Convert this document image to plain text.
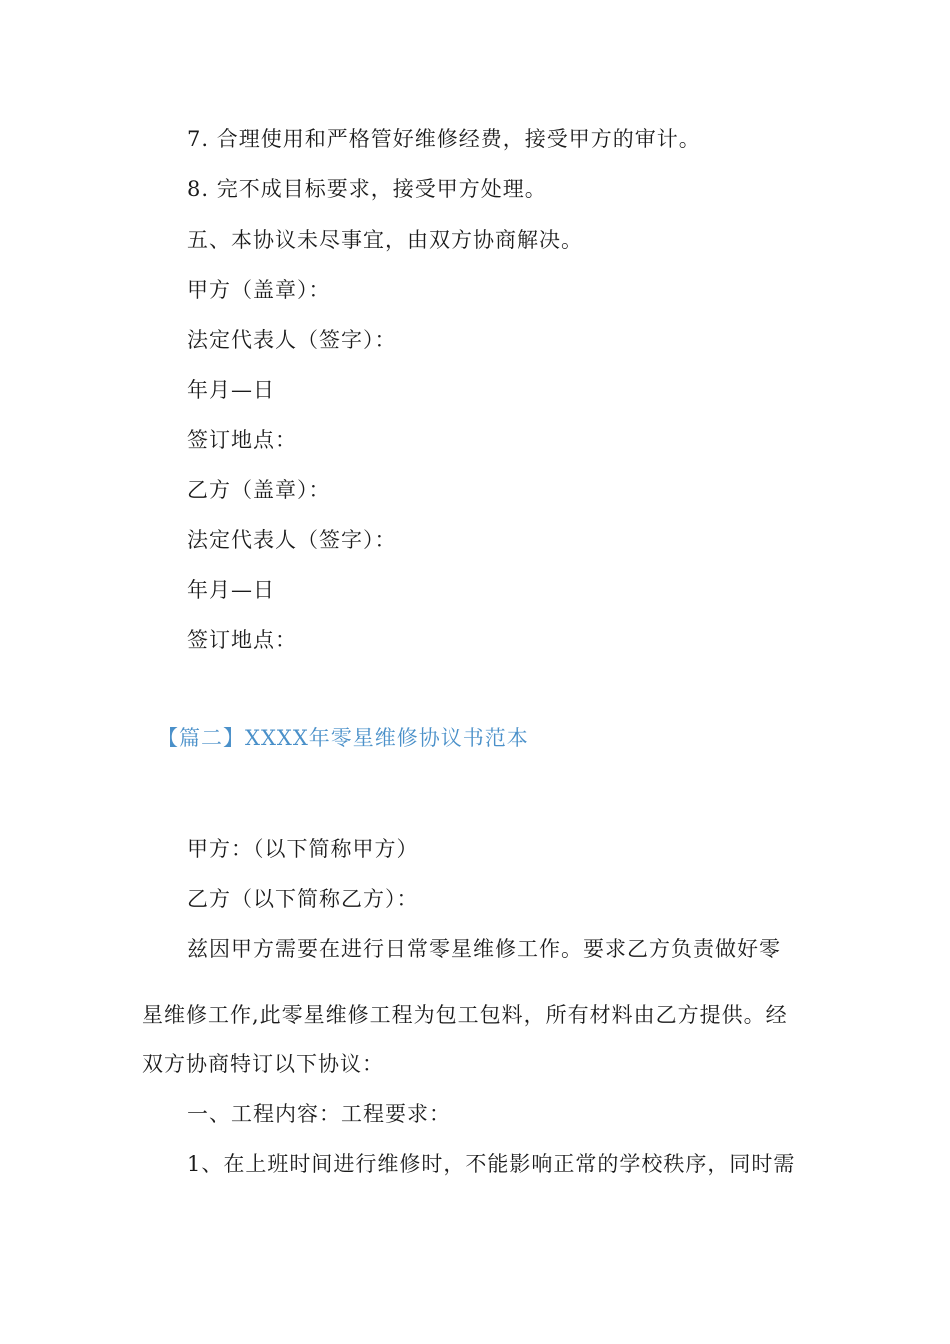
7. 合理使用和严格管好维修经费，接受甲方的审计。
8. 完不成目标要求，接受甲方处理。
五、本协议未尽事宜，由双方协商解决。
甲方（盖章）：
法定代表人（签字）：
年月—日
签订地点：
乙方（盖章）：
法定代表人（签字）：
年月—日
签订地点：
【篇二】XXXX年零星维修协议书范本
甲方：（以下简称甲方）
乙方（以下简称乙方）：
兹因甲方需要在进行日常零星维修工作。要求乙方负责做好零
星维修工作,此零星维修工程为包工包料，所有材料由乙方提供。经
双方协商特订以下协议：
一、工程内容：工程要求：
1、在上班时间进行维修时，不能影响正常的学校秩序，同时需
